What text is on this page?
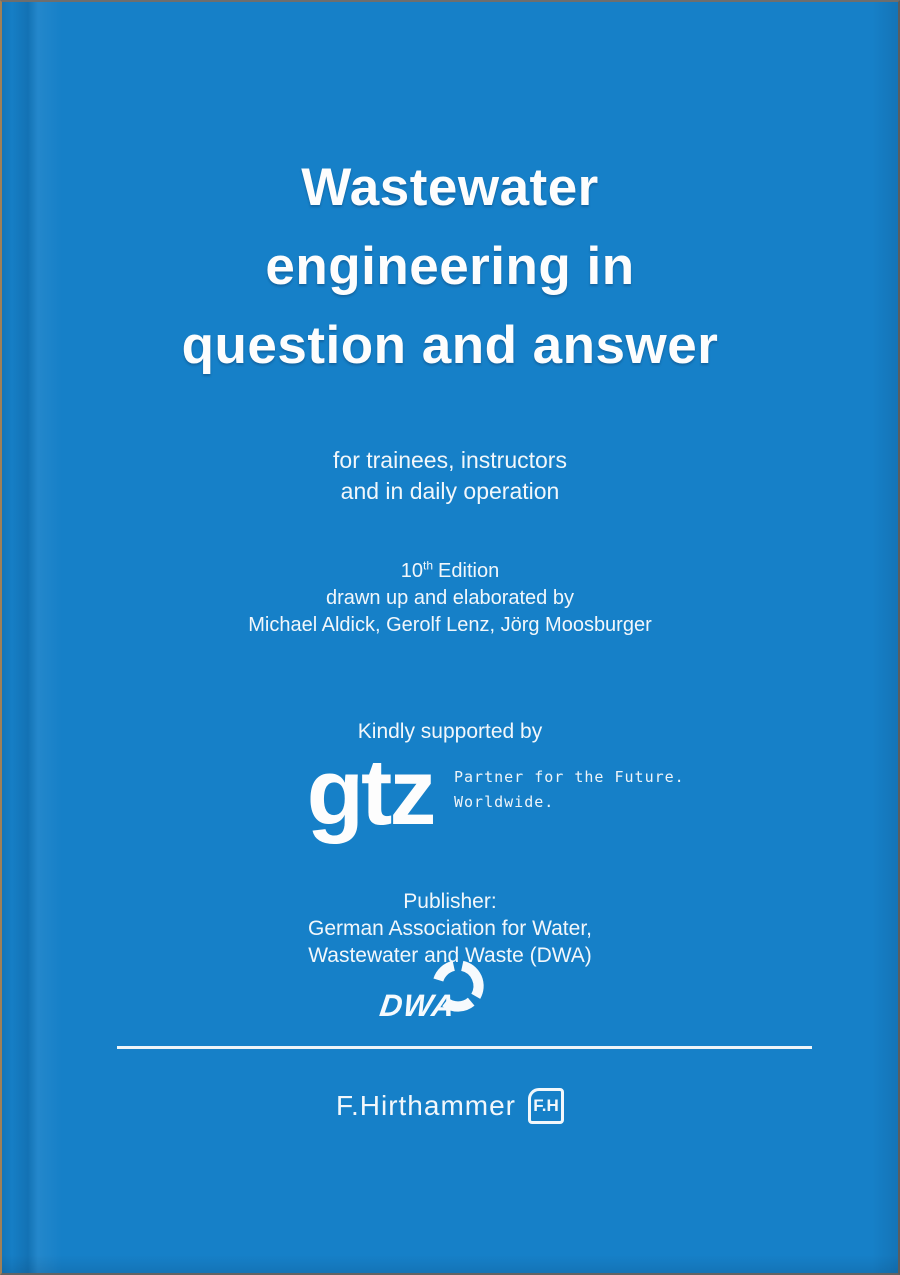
Wastewater
engineering in
question and answer
for trainees, instructors
and in daily operation
10th Edition
drawn up and elaborated by
Michael Aldick, Gerolf Lenz, Jörg Moosburger
Kindly supported by
gtz	Partner for the Future.
Worldwide.
Publisher:
German Association for Water,
Wastewater and Waste (DWA)
DWA
F.Hirthammer	F.H
